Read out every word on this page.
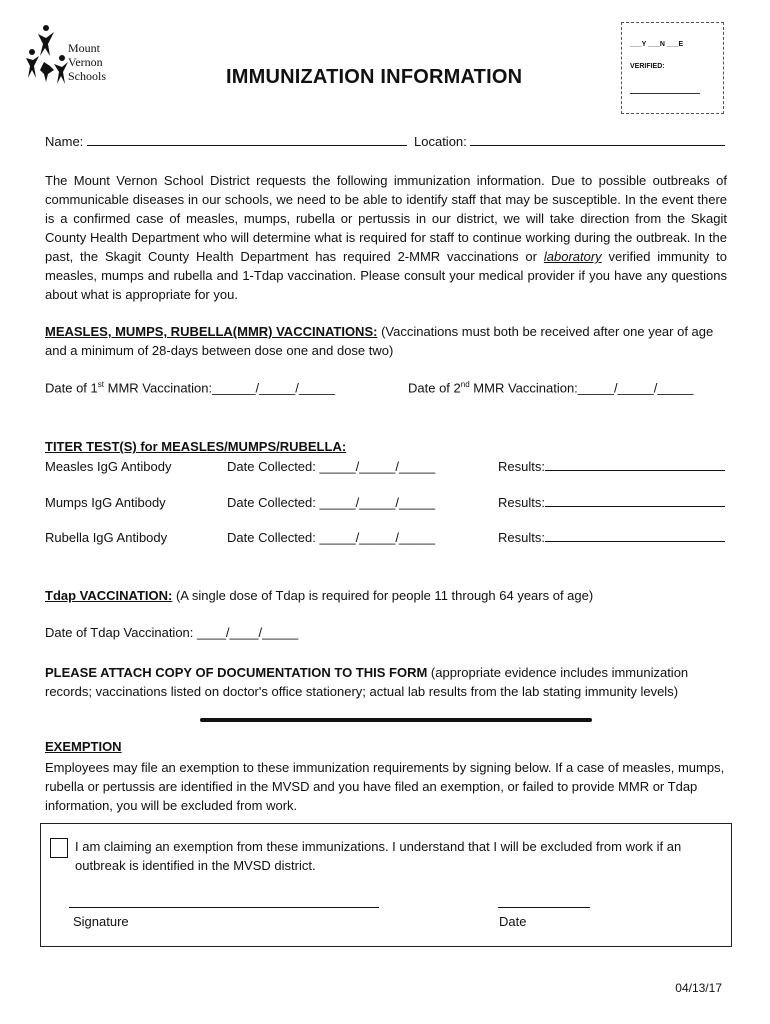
Mount
Vernon
Schools	IMMUNIZATION INFORMATION
___Y ___N ___E
VERIFIED:
Name:	Location:
The Mount Vernon School District requests the following immunization information. Due to possible outbreaks of communicable diseases in our schools, we need to be able to identify staff that may be susceptible. In the event there is a confirmed case of measles, mumps, rubella or pertussis in our district, we will take direction from the Skagit County Health Department who will determine what is required for staff to continue working during the outbreak. In the past, the Skagit County Health Department has required 2-MMR vaccinations or laboratory verified immunity to measles, mumps and rubella and 1-Tdap vaccination. Please consult your medical provider if you have any questions about what is appropriate for you.
MEASLES, MUMPS, RUBELLA(MMR) VACCINATIONS: (Vaccinations must both be received after one year of age and a minimum of 28-days between dose one and dose two)
Date of 1st MMR Vaccination:______/_____/_____	Date of 2nd MMR Vaccination:_____/_____/_____
TITER TEST(S) for MEASLES/MUMPS/RUBELLA:
Measles IgG Antibody	Date Collected: _____/_____/_____	Results:
Mumps IgG Antibody	Date Collected: _____/_____/_____	Results:
Rubella IgG Antibody	Date Collected: _____/_____/_____	Results:
Tdap VACCINATION: (A single dose of Tdap is required for people 11 through 64 years of age)
Date of Tdap Vaccination: ____/____/_____
PLEASE ATTACH COPY OF DOCUMENTATION TO THIS FORM (appropriate evidence includes immunization records; vaccinations listed on doctor's office stationery; actual lab results from the lab stating immunity levels)
EXEMPTION
Employees may file an exemption to these immunization requirements by signing below. If a case of measles, mumps, rubella or pertussis are identified in the MVSD and you have filed an exemption, or failed to provide MMR or Tdap information, you will be excluded from work.
I am claiming an exemption from these immunizations. I understand that I will be excluded from work if an outbreak is identified in the MVSD district.
Signature	Date
04/13/17
